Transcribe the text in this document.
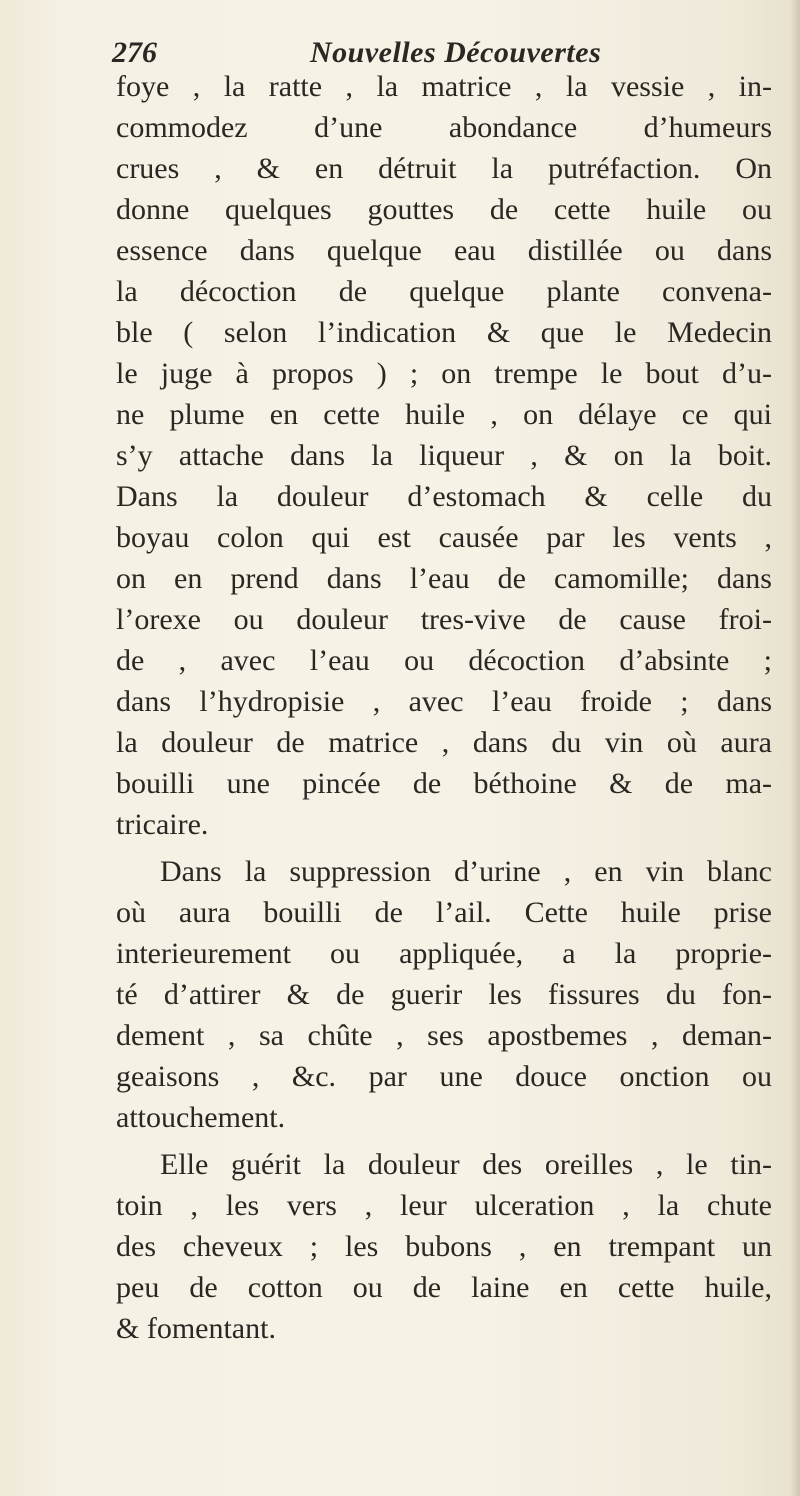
276	Nouvelles Découvertes
foye , la ratte , la matrice , la vessie , in-
commodez d’une abondance d’humeurs
crues , & en détruit la putréfaction. On
donne quelques gouttes de cette huile ou
essence dans quelque eau distillée ou dans
la décoction de quelque plante convena-
ble ( selon l’indication & que le Medecin
le juge à propos ) ; on trempe le bout d’u-
ne plume en cette huile , on délaye ce qui
s’y attache dans la liqueur , & on la boit.
Dans la douleur d’estomach & celle du
boyau colon qui est causée par les vents ,
on en prend dans l’eau de camomille; dans
l’orexe ou douleur tres-vive de cause froi-
de , avec l’eau ou décoction d’absinte ;
dans l’hydropisie , avec l’eau froide ; dans
la douleur de matrice , dans du vin où aura
bouilli une pincée de béthoine & de ma-
tricaire.
Dans la suppression d’urine , en vin blanc
où aura bouilli de l’ail. Cette huile prise
interieurement ou appliquée, a la proprie-
té d’attirer & de guerir les fissures du fon-
dement , sa chûte , ses apostbemes , deman-
geaisons , &c. par une douce onction ou
attouchement.
Elle guérit la douleur des oreilles , le tin-
toin , les vers , leur ulceration , la chute
des cheveux ; les bubons , en trempant un
peu de cotton ou de laine en cette huile,
& fomentant.
